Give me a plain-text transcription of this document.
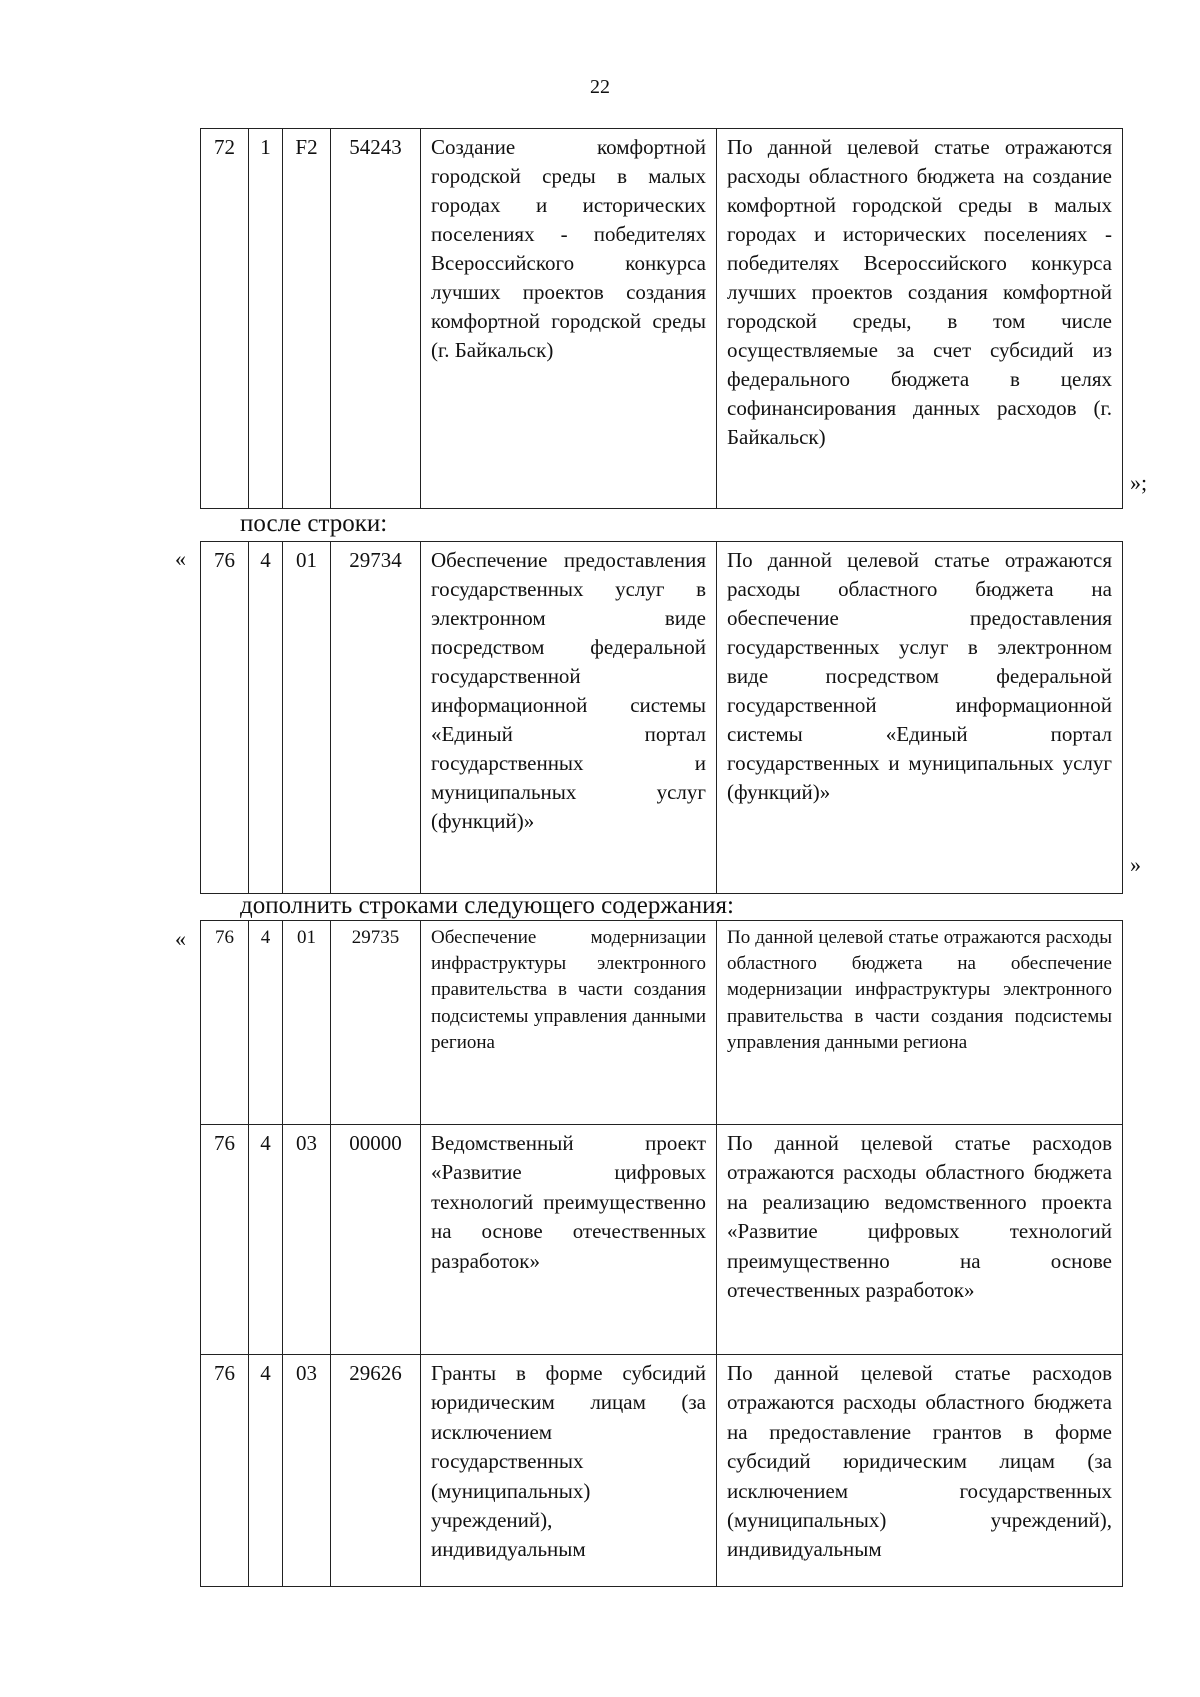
22
72	1	F2	54243	Создание комфортной городской среды в малых городах и исторических поселениях - победителях Всероссийского конкурса лучших проектов создания комфортной городской среды (г. Байкальск)	По данной целевой статье отражаются расходы областного бюджета на создание комфортной городской среды в малых городах и исторических поселениях - победителях Всероссийского конкурса лучших проектов создания комфортной городской среды, в том числе осуществляемые за счет субсидий из федерального бюджета в целях софинансирования данных расходов (г. Байкальск)
»;
после строки:
« 76	4	01	29734	Обеспечение предоставления государственных услуг в электронном виде посредством федеральной государственной информационной системы «Единый портал государственных и муниципальных услуг (функций)»	По данной целевой статье отражаются расходы областного бюджета на обеспечение предоставления государственных услуг в электронном виде посредством федеральной государственной информационной системы «Единый портал государственных и муниципальных услуг (функций)»
»
дополнить строками следующего содержания:
« 76	4	01	29735	Обеспечение модернизации инфраструктуры электронного правительства в части создания подсистемы управления данными региона	По данной целевой статье отражаются расходы областного бюджета на обеспечение модернизации инфраструктуры электронного правительства в части создания подсистемы управления данными региона
76	4	03	00000	Ведомственный проект «Развитие цифровых технологий преимущественно на основе отечественных разработок»	По данной целевой статье расходов отражаются расходы областного бюджета на реализацию ведомственного проекта «Развитие цифровых технологий преимущественно на основе отечественных разработок»
76	4	03	29626	Гранты в форме субсидий юридическим лицам (за исключением государственных (муниципальных) учреждений), индивидуальным	По данной целевой статье расходов отражаются расходы областного бюджета на предоставление грантов в форме субсидий юридическим лицам (за исключением государственных (муниципальных) учреждений), индивидуальным
